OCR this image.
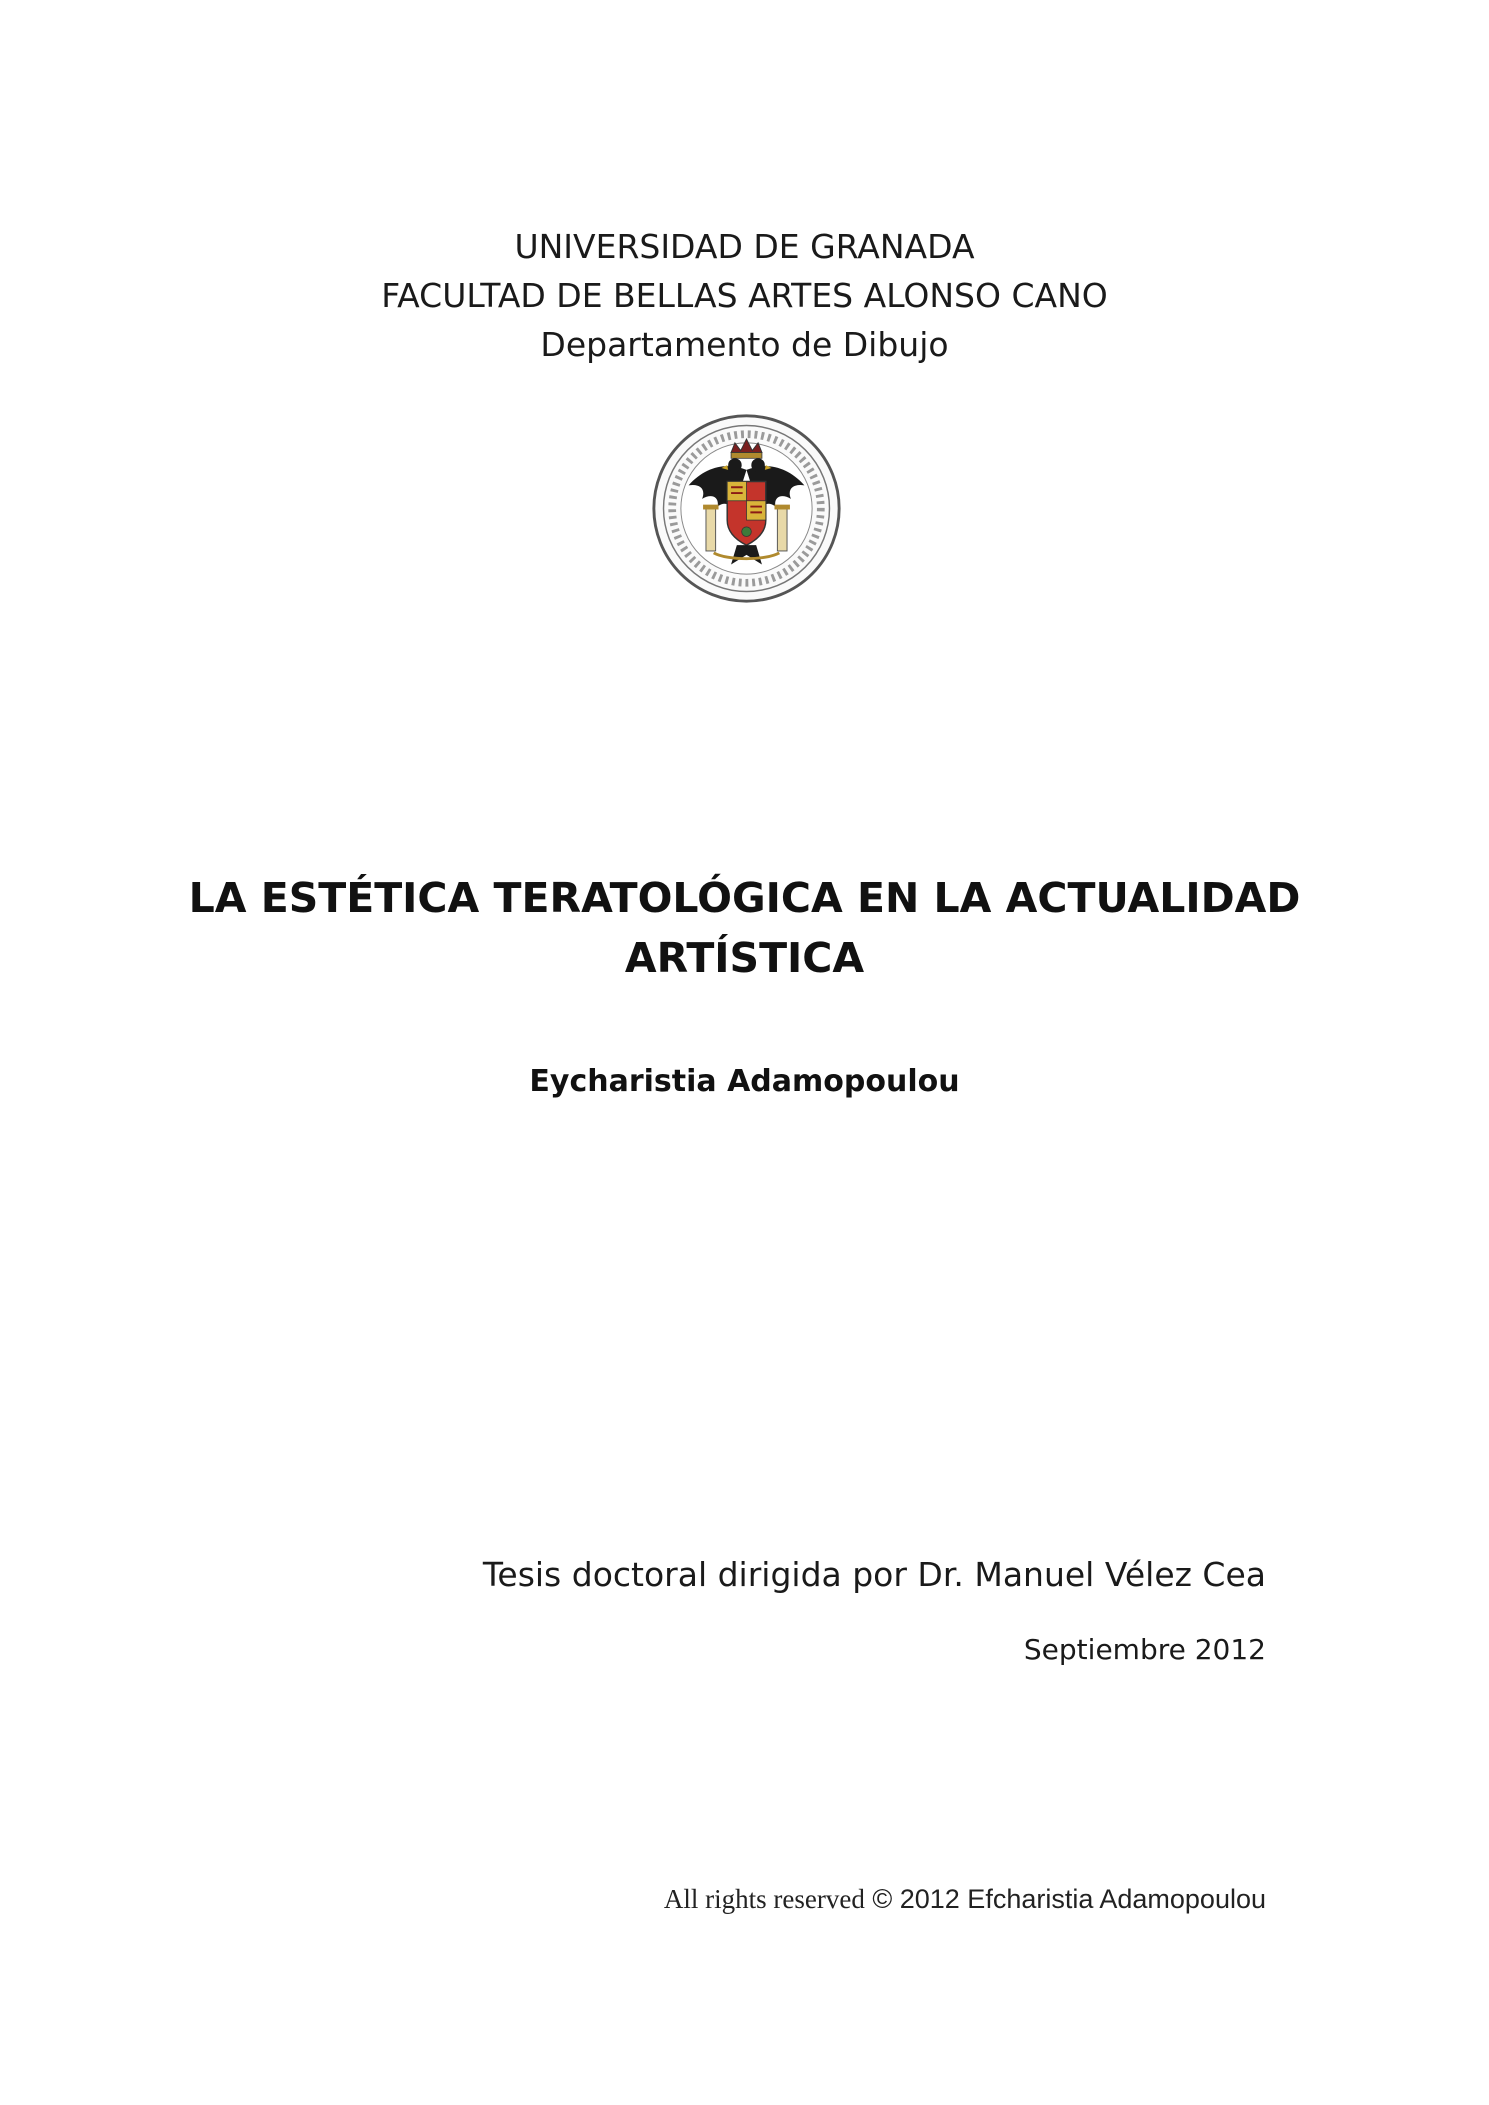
UNIVERSIDAD DE GRANADA
FACULTAD DE BELLAS ARTES ALONSO CANO
Departamento de Dibujo
LA ESTÉTICA TERATOLÓGICA EN LA ACTUALIDAD
ARTÍSTICA
Eycharistia Adamopoulou
Tesis doctoral dirigida por Dr. Manuel Vélez Cea
Septiembre 2012
All rights reserved © 2012 Efcharistia Adamopoulou
